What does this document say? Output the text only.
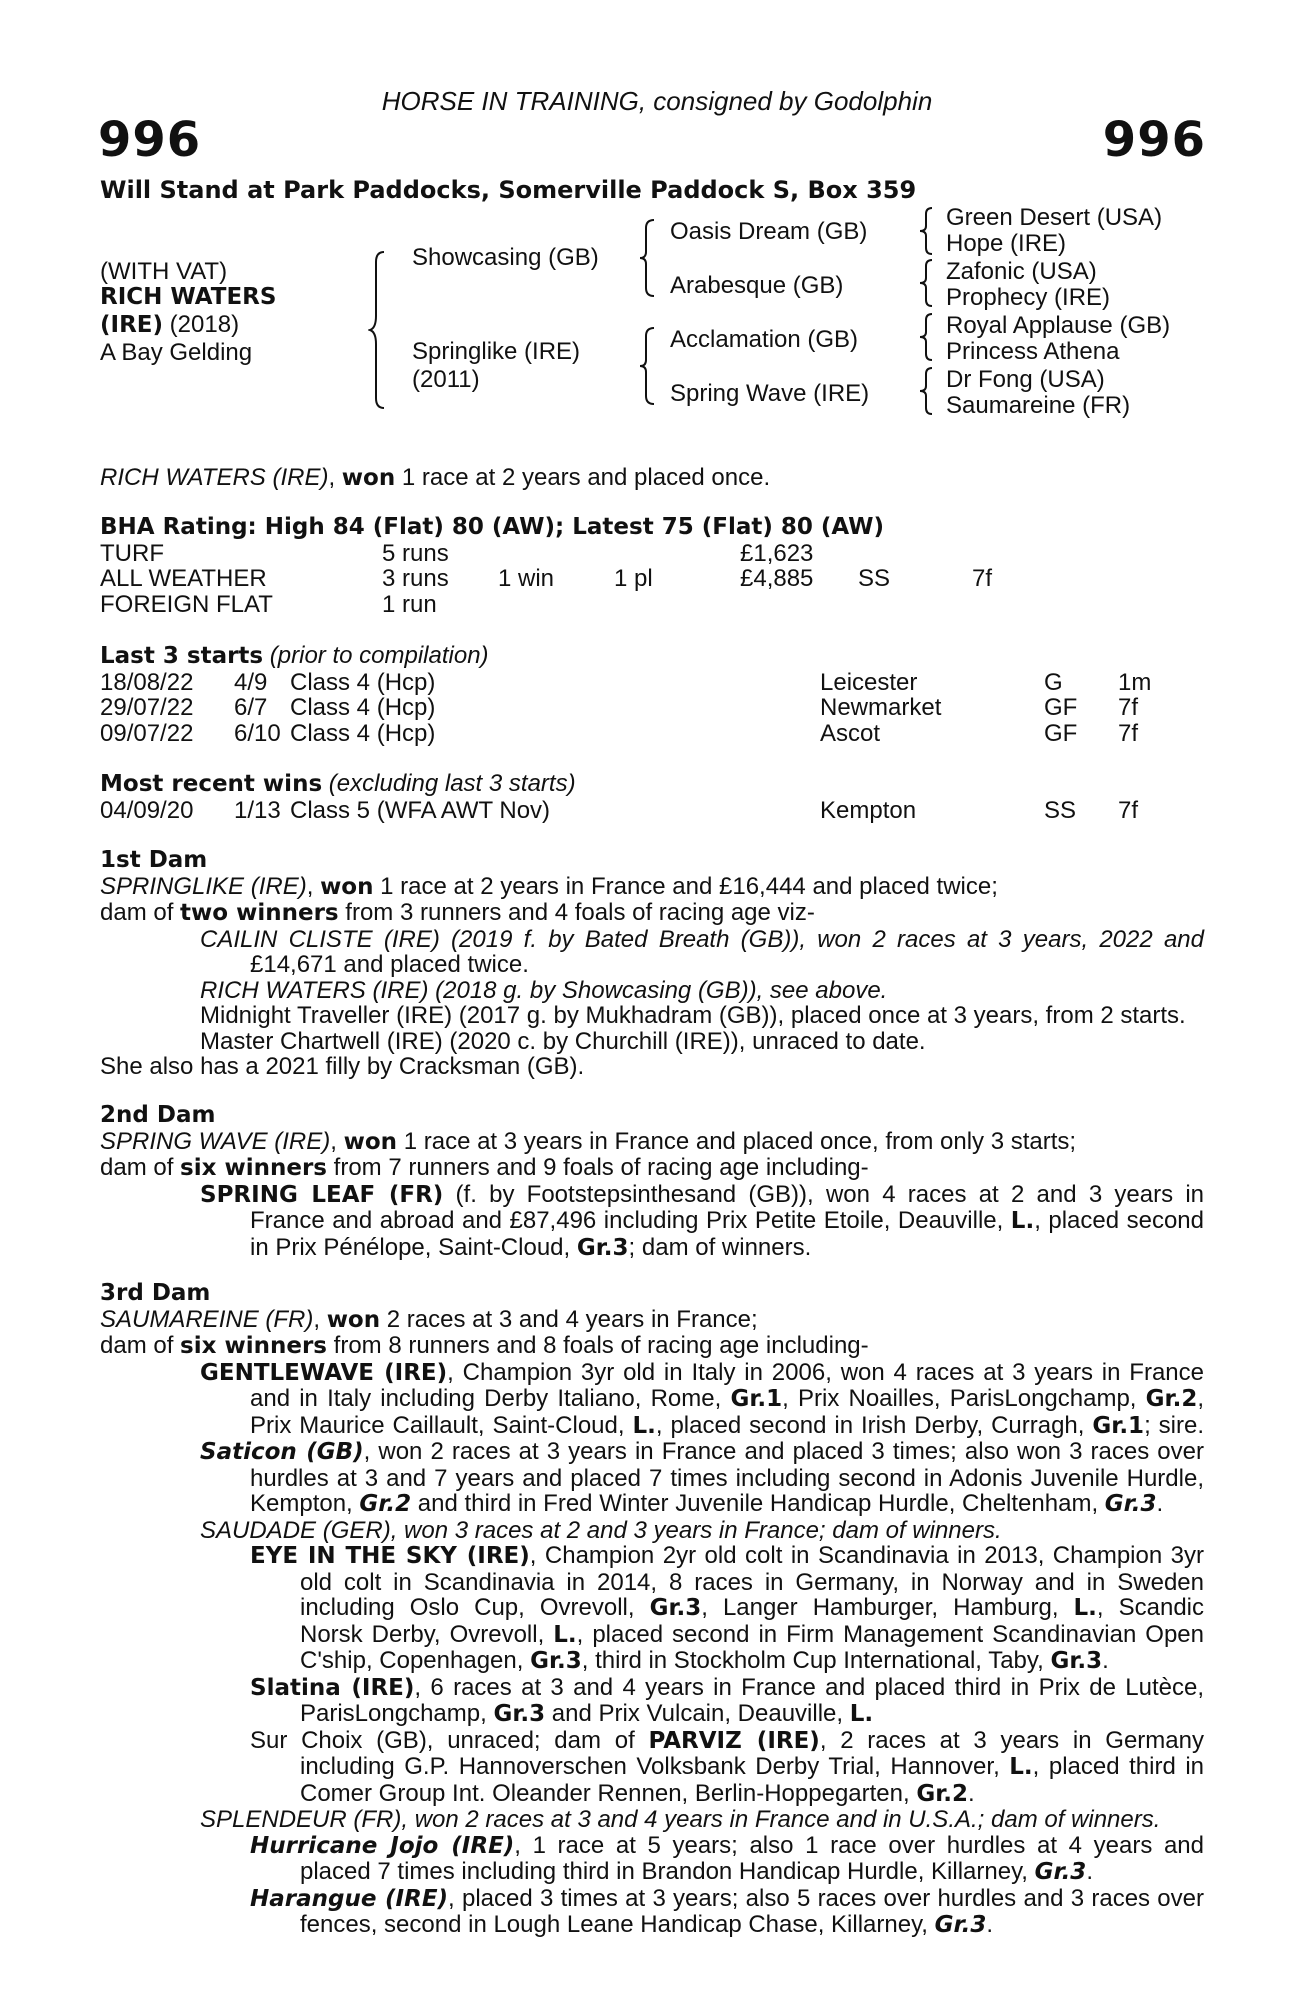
HORSE IN TRAINING, consigned by Godolphin
996	996
Will Stand at Park Paddocks, Somerville Paddock S, Box 359
(WITH VAT)
RICH WATERS
(IRE) (2018)
A Bay Gelding
Showcasing (GB)
Springlike (IRE)
(2011)
Oasis Dream (GB)
Arabesque (GB)
Acclamation (GB)
Spring Wave (IRE)
Green Desert (USA)
Hope (IRE)
Zafonic (USA)
Prophecy (IRE)
Royal Applause (GB)
Princess Athena
Dr Fong (USA)
Saumareine (FR)
RICH WATERS (IRE), won 1 race at 2 years and placed once.
BHA Rating: High 84 (Flat) 80 (AW); Latest 75 (Flat) 80 (AW)
TURF	5 runs	£1,623
ALL WEATHER	3 runs 1 win 1 pl	£4,885 SS	7f
FOREIGN FLAT	1 run
Last 3 starts (prior to compilation)
18/08/22 4/9 Class 4 (Hcp)	Leicester	G 1m
29/07/22 6/7 Class 4 (Hcp)	Newmarket	GF 7f
09/07/22 6/10 Class 4 (Hcp)	Ascot	GF 7f
Most recent wins (excluding last 3 starts)
04/09/20 1/13 Class 5 (WFA AWT Nov)	Kempton	SS 7f
1st Dam
SPRINGLIKE (IRE), won 1 race at 2 years in France and £16,444 and placed twice;
dam of two winners from 3 runners and 4 foals of racing age viz-
CAILIN CLISTE (IRE) (2019 f. by Bated Breath (GB)), won 2 races at 3 years, 2022 and
£14,671 and placed twice.
RICH WATERS (IRE) (2018 g. by Showcasing (GB)), see above.
Midnight Traveller (IRE) (2017 g. by Mukhadram (GB)), placed once at 3 years, from 2 starts.
Master Chartwell (IRE) (2020 c. by Churchill (IRE)), unraced to date.
She also has a 2021 filly by Cracksman (GB).
2nd Dam
SPRING WAVE (IRE), won 1 race at 3 years in France and placed once, from only 3 starts;
dam of six winners from 7 runners and 9 foals of racing age including-
SPRING LEAF (FR) (f. by Footstepsinthesand (GB)), won 4 races at 2 and 3 years in
France and abroad and £87,496 including Prix Petite Etoile, Deauville, L., placed second
in Prix Pénélope, Saint-Cloud, Gr.3; dam of winners.
3rd Dam
SAUMAREINE (FR), won 2 races at 3 and 4 years in France;
dam of six winners from 8 runners and 8 foals of racing age including-
GENTLEWAVE (IRE), Champion 3yr old in Italy in 2006, won 4 races at 3 years in France
and in Italy including Derby Italiano, Rome, Gr.1, Prix Noailles, ParisLongchamp, Gr.2,
Prix Maurice Caillault, Saint-Cloud, L., placed second in Irish Derby, Curragh, Gr.1; sire.
Saticon (GB), won 2 races at 3 years in France and placed 3 times; also won 3 races over
hurdles at 3 and 7 years and placed 7 times including second in Adonis Juvenile Hurdle,
Kempton, Gr.2 and third in Fred Winter Juvenile Handicap Hurdle, Cheltenham, Gr.3.
SAUDADE (GER), won 3 races at 2 and 3 years in France; dam of winners.
EYE IN THE SKY (IRE), Champion 2yr old colt in Scandinavia in 2013, Champion 3yr
old colt in Scandinavia in 2014, 8 races in Germany, in Norway and in Sweden
including Oslo Cup, Ovrevoll, Gr.3, Langer Hamburger, Hamburg, L., Scandic
Norsk Derby, Ovrevoll, L., placed second in Firm Management Scandinavian Open
C'ship, Copenhagen, Gr.3, third in Stockholm Cup International, Taby, Gr.3.
Slatina (IRE), 6 races at 3 and 4 years in France and placed third in Prix de Lutèce,
ParisLongchamp, Gr.3 and Prix Vulcain, Deauville, L.
Sur Choix (GB), unraced; dam of PARVIZ (IRE), 2 races at 3 years in Germany
including G.P. Hannoverschen Volksbank Derby Trial, Hannover, L., placed third in
Comer Group Int. Oleander Rennen, Berlin-Hoppegarten, Gr.2.
SPLENDEUR (FR), won 2 races at 3 and 4 years in France and in U.S.A.; dam of winners.
Hurricane Jojo (IRE), 1 race at 5 years; also 1 race over hurdles at 4 years and
placed 7 times including third in Brandon Handicap Hurdle, Killarney, Gr.3.
Harangue (IRE), placed 3 times at 3 years; also 5 races over hurdles and 3 races over
fences, second in Lough Leane Handicap Chase, Killarney, Gr.3.
